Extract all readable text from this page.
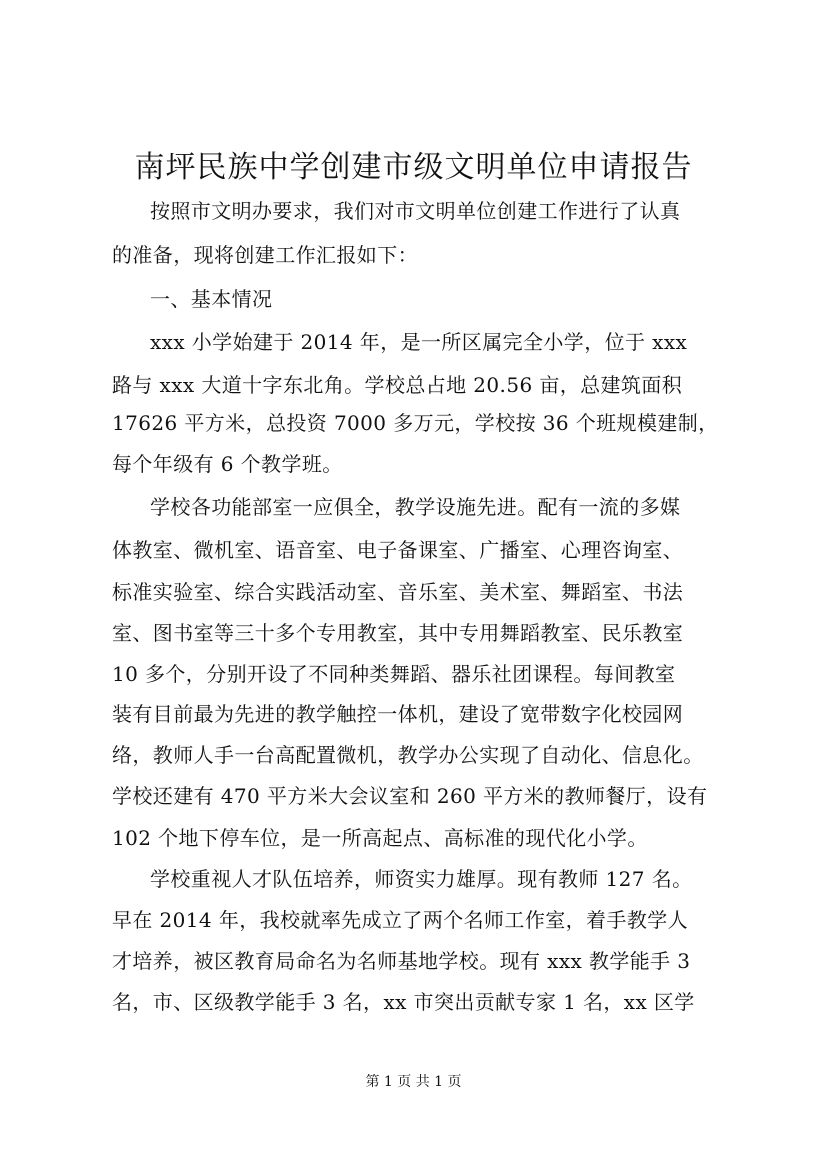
南坪民族中学创建市级文明单位申请报告
按照市文明办要求，我们对市文明单位创建工作进行了认真
的准备，现将创建工作汇报如下：
一、基本情况
xxx 小学始建于 2014 年，是一所区属完全小学，位于 xxx
路与 xxx 大道十字东北角。学校总占地 20.56 亩，总建筑面积
17626 平方米，总投资 7000 多万元，学校按 36 个班规模建制，
每个年级有 6 个教学班。
学校各功能部室一应俱全，教学设施先进。配有一流的多媒
体教室、微机室、语音室、电子备课室、广播室、心理咨询室、
标准实验室、综合实践活动室、音乐室、美术室、舞蹈室、书法
室、图书室等三十多个专用教室，其中专用舞蹈教室、民乐教室
10 多个，分别开设了不同种类舞蹈、器乐社团课程。每间教室
装有目前最为先进的教学触控一体机，建设了宽带数字化校园网
络，教师人手一台高配置微机，教学办公实现了自动化、信息化。
学校还建有 470 平方米大会议室和 260 平方米的教师餐厅，设有
102 个地下停车位，是一所高起点、高标准的现代化小学。
学校重视人才队伍培养，师资实力雄厚。现有教师 127 名。
早在 2014 年，我校就率先成立了两个名师工作室，着手教学人
才培养，被区教育局命名为名师基地学校。现有 xxx 教学能手 3
名，市、区级教学能手 3 名，xx 市突出贡献专家 1 名，xx 区学
第 1 页 共 1 页
